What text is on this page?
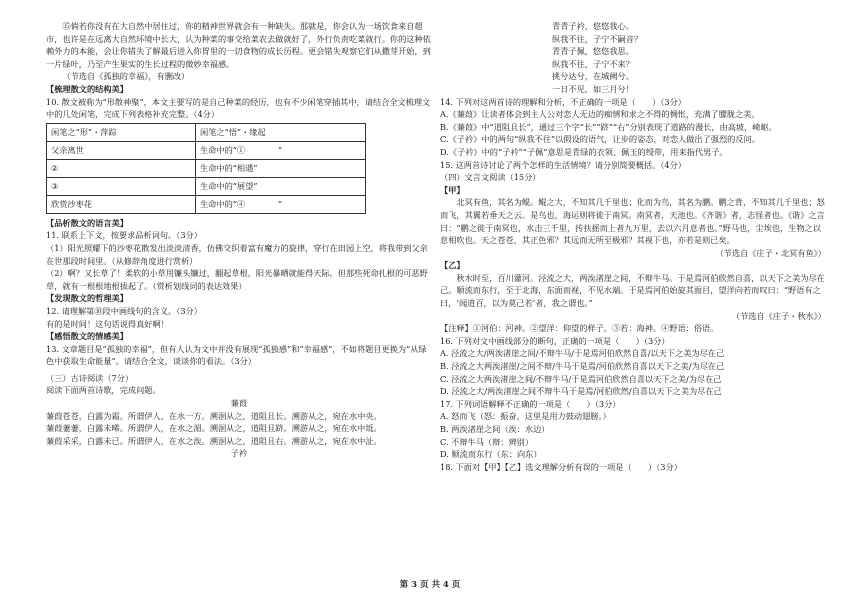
⑮倘若你没有在大自然中居住过，你的精神世界就会有一种缺失。那就是，你会认为一场饮食来自超市，也许是在远离大自然环境中长大，认为种菜的事交给菜农去做就好了，外行负责吃菜就行。你的这种依赖外力的本能，会让你错失了解最后进入你胃里的一切食物的成长历程。更会错失观察它们从撒芽开始，到一片绿叶，乃至产生果实的生长过程的微妙幸福感。

（节选自《孤独的幸福》，有删改）

【梳理散文的结构美】

10. 散文被称为“形散神聚”，本文主要写的是自己种菜的经历，也有不少闲笔穿插其中，请结合全文梳理文中的几处闲笔，完成下列表格补充完整。（4分）

闲笔之“形”・萍踪	闲笔之“悟”・缘起
父亲离世	生命中的“①　　　　”
②	生命中的“相遇”
③	生命中的“展望”
欣赏沙枣花	生命中的“④　　　　”

【品析散文的语言美】

11. 联系上下文，按要求品析词句。（3分）

（1）阳光照耀下的沙枣花散发出淡淡清香，仿佛交织着富有魔力的旋律，穿行在田园上空，将我带到父亲在世那段时间里。（从修辞角度进行赏析）

（2）啊？又长草了！柔软的小草用镰头镰过，翻起草根，阳光暴晒就能得天际。但那些死命扎根的可恶野草，就有一根根地根拔起了。（赏析划线词的表达效果）

【发现散文的哲理美】

12. 请理解第⑩段中画线句的含义。（3分）

有的是时间！这句话说得真好啊！

【感悟散文的情感美】

13. 文章题目是“孤独的幸福”，但有人认为文中并没有展现“孤独感”和“幸福感”，不如将题目更换为“从绿色中获取生命能量”。请结合全文，谈谈你的看法。（3分）

（三）古诗阅读（7分）

阅读下面两首诗歌，完成问题。

蒹葭

蒹葭苍苍，白露为霜。所谓伊人，在水一方。溯洄从之，道阻且长。溯游从之，宛在水中央。

蒹葭萋萋，白露未晞。所谓伊人，在水之湄。溯洄从之，道阻且跻。溯游从之，宛在水中坻。

蒹葭采采，白露未已。所谓伊人，在水之涘。溯洄从之，道阻且右。溯游从之，宛在水中沚。

子衿

青青子衿，悠悠我心。

纵我不往，子宁不嗣音？

青青子佩，悠悠我思。

纵我不往，子宁不来？

挑兮达兮，在城阙兮。

一日不见，如三月兮！

14. 下列对这两首诗的理解和分析，不正确的一项是（　　）（3分）

A.《蒹葭》让读者体会到主人公对恋人无边的痴情和求之不得的惆怅，充满了朦胧之美。

B.《蒹葭》中“道阻且长”，通过三个字“长”“跻”“右”分别表现了道路的漫长，由高坡，崎岖。

C.《子衿》中的两句“纵我不往”以假设的语气，让步的姿态，对恋人做出了强烈的反问。

D.《子衿》中的“子衿”“子佩”意思是青绿的衣领、佩玉的绶带，用来指代男子。

15. 这两首诗讨论了两个怎样的生活情境？请分别简要概括。（4分）

（四）文言文阅读（15分）

【甲】

北冥有鱼，其名为鲲。鲲之大，不知其几千里也；化而为鸟，其名为鹏。鹏之背，不知其几千里也；怒而飞，其翼若垂天之云。是鸟也，海运则将徙于南冥。南冥者，天池也。《齐谐》者，志怪者也。《谐》之言曰：“鹏之徙于南冥也，水击三千里，抟扶摇而上者九万里，去以六月息者也。”野马也，尘埃也，生物之以息相吹也。天之苍苍，其正色邪？其远而无所至极邪？其视下也，亦若是则已矣。

（节选自《庄子・北冥有鱼》）

【乙】

秋水时至，百川灌河。泾流之大，两涘渚崖之间，不辩牛马。于是焉河伯欣然自喜，以天下之美为尽在己。顺流而东行，至于北海，东面而视，不见水端。于是焉河伯始旋其面目，望洋向若而叹曰：“野语有之曰，‘闻道百，以为莫己若’者，我之谓也。”

（节选自《庄子・秋水》）

【注释】①河伯：河神。②望洋：仰望的样子。③若：海神。④野语：俗语。

16. 下列对文中画线部分的断句，正确的一项是（　　）（3分）

A. 泾流之大/两涘渚崖之间/不辩牛马/于是焉河伯欣然自喜/以天下之美为尽在己

B. 泾流之大两涘渚崖/之间不辩/牛马于是焉/河伯欣然自喜以天下之美/为尽在己

C. 泾流之大两涘渚崖之间/不辩牛马/于是焉河伯欣然自喜以天下之美/为尽在己

D. 泾流之大/两涘渚崖之间不辩牛马于是焉/河伯欣然/自喜以天下之美为尽在己

17. 下列词语解释不正确的一项是（　　）（3分）

A. 怒而飞（怒：振奋，这里是用力鼓动翅膀。）

B. 两涘渚崖之间（涘：水边）

C. 不辩牛马（辩：辨别）

D. 顺流而东行（东：向东）

18. 下面对【甲】【乙】选文理解分析有误的一项是（　　）（3分）

第 3 页 共 4 页
